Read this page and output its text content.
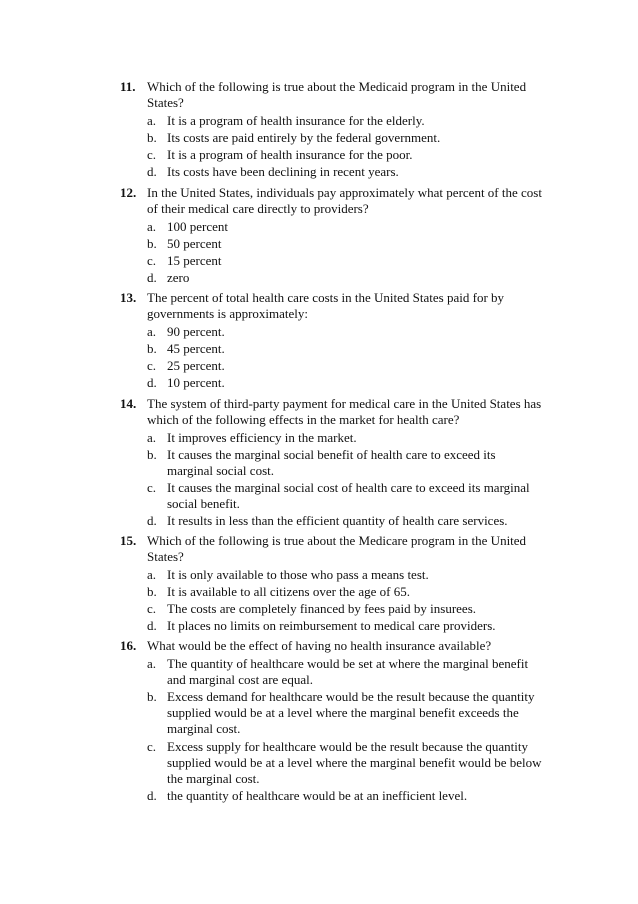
11. Which of the following is true about the Medicaid program in the United
States?
a. It is a program of health insurance for the elderly.
b. Its costs are paid entirely by the federal government.
c. It is a program of health insurance for the poor.
d. Its costs have been declining in recent years.
12. In the United States, individuals pay approximately what percent of the cost
of their medical care directly to providers?
a. 100 percent
b. 50 percent
c. 15 percent
d. zero
13. The percent of total health care costs in the United States paid for by
governments is approximately:
a. 90 percent.
b. 45 percent.
c. 25 percent.
d. 10 percent.
14. The system of third-party payment for medical care in the United States has
which of the following effects in the market for health care?
a. It improves efficiency in the market.
b. It causes the marginal social benefit of health care to exceed its
marginal social cost.
c. It causes the marginal social cost of health care to exceed its marginal
social benefit.
d. It results in less than the efficient quantity of health care services.
15. Which of the following is true about the Medicare program in the United
States?
a. It is only available to those who pass a means test.
b. It is available to all citizens over the age of 65.
c. The costs are completely financed by fees paid by insurees.
d. It places no limits on reimbursement to medical care providers.
16. What would be the effect of having no health insurance available?
a. The quantity of healthcare would be set at where the marginal benefit
and marginal cost are equal.
b. Excess demand for healthcare would be the result because the quantity
supplied would be at a level where the marginal benefit exceeds the
marginal cost.
c. Excess supply for healthcare would be the result because the quantity
supplied would be at a level where the marginal benefit would be below
the marginal cost.
d. the quantity of healthcare would be at an inefficient level.
